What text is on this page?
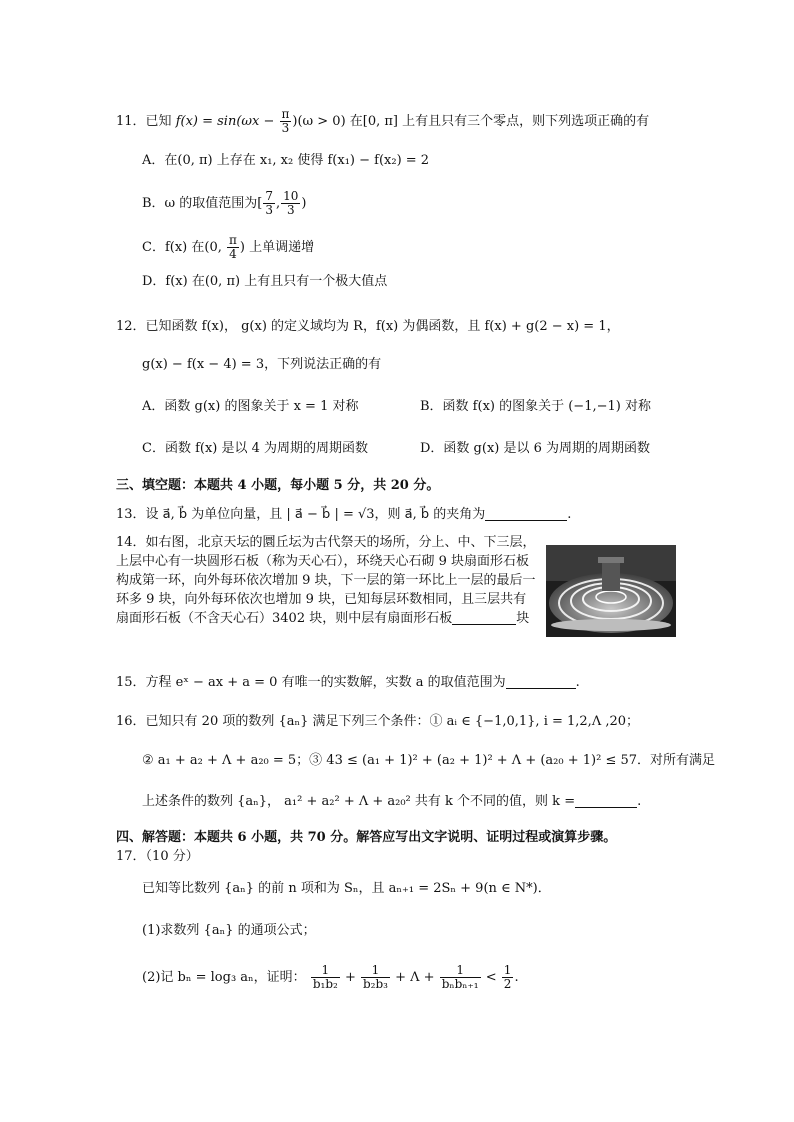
11．已知 $f(x) = \sin(\omega x - \frac{\pi}{3} )(\omega > 0)$ 在[0, π] 上有且只有三个零点，则下列选项正确的有
A．在(0, π) 上存在 x₁, x₂ 使得 f(x₁) − f(x₂) = 2
B．ω 的取值范围为[ $\frac{7}{3}$ , $\frac{10}{3}$ )
C．f(x) 在(0, $\frac{\pi}{4}$ ) 上单调递增
D．f(x) 在(0, π) 上有且只有一个极大值点
12．已知函数 f(x)， g(x) 的定义域均为 R，f(x) 为偶函数，且 f(x) + g(2 − x) = 1，
g(x) − f(x − 4) = 3，下列说法正确的有
A．函数 g(x) 的图象关于 x = 1 对称	B．函数 f(x) 的图象关于 (−1,−1) 对称
C．函数 f(x) 是以 4 为周期的周期函数	D．函数 g(x) 是以 6 为周期的周期函数
三、填空题：本题共 4 小题，每小题 5 分，共 20 分。
13．设 a⃗, b⃗ 为单位向量，且 | a⃗ − b⃗ | = √3，则 a⃗, b⃗ 的夹角为	.
14．如右图，北京天坛的圜丘坛为古代祭天的场所，分上、中、下三层，上层中心有一块圆形石板（称为天心石），环绕天心石砌 9 块扇面形石板构成第一环，向外每环依次增加 9 块，下一层的第一环比上一层的最后一环多 9 块，向外每环依次也增加 9 块，已知每层环数相同，且三层共有扇面形石板（不含天心石）3402 块，则中层有扇面形石板	块
15．方程 eˣ − ax + a = 0 有唯一的实数解，实数 a 的取值范围为	.
16．已知只有 20 项的数列 {aₙ} 满足下列三个条件：① aᵢ ∈ {−1,0,1}, i = 1,2,Λ ,20；
② a₁ + a₂ + Λ + a₂₀ = 5；③ 43 ≤ (a₁ + 1)² + (a₂ + 1)² + Λ + (a₂₀ + 1)² ≤ 57．对所有满足
上述条件的数列 {aₙ}， a₁² + a₂² + Λ + a₂₀² 共有 k 个不同的值，则 k =	.
四、解答题：本题共 6 小题，共 70 分。解答应写出文字说明、证明过程或演算步骤。
17．（10 分）
已知等比数列 {aₙ} 的前 n 项和为 Sₙ，且 aₙ₊₁ = 2Sₙ + 9(n ∈ N*)．
(1)求数列 {aₙ} 的通项公式；
(2)记 bₙ = log₃ aₙ，证明： $\frac{1}{\text{b₁b₂}} + \frac{1}{\text{b₂b₃}} + \Lambda + \frac{1}{\text{bₙbₙ₊₁}} < \frac{1}{2}$ .
